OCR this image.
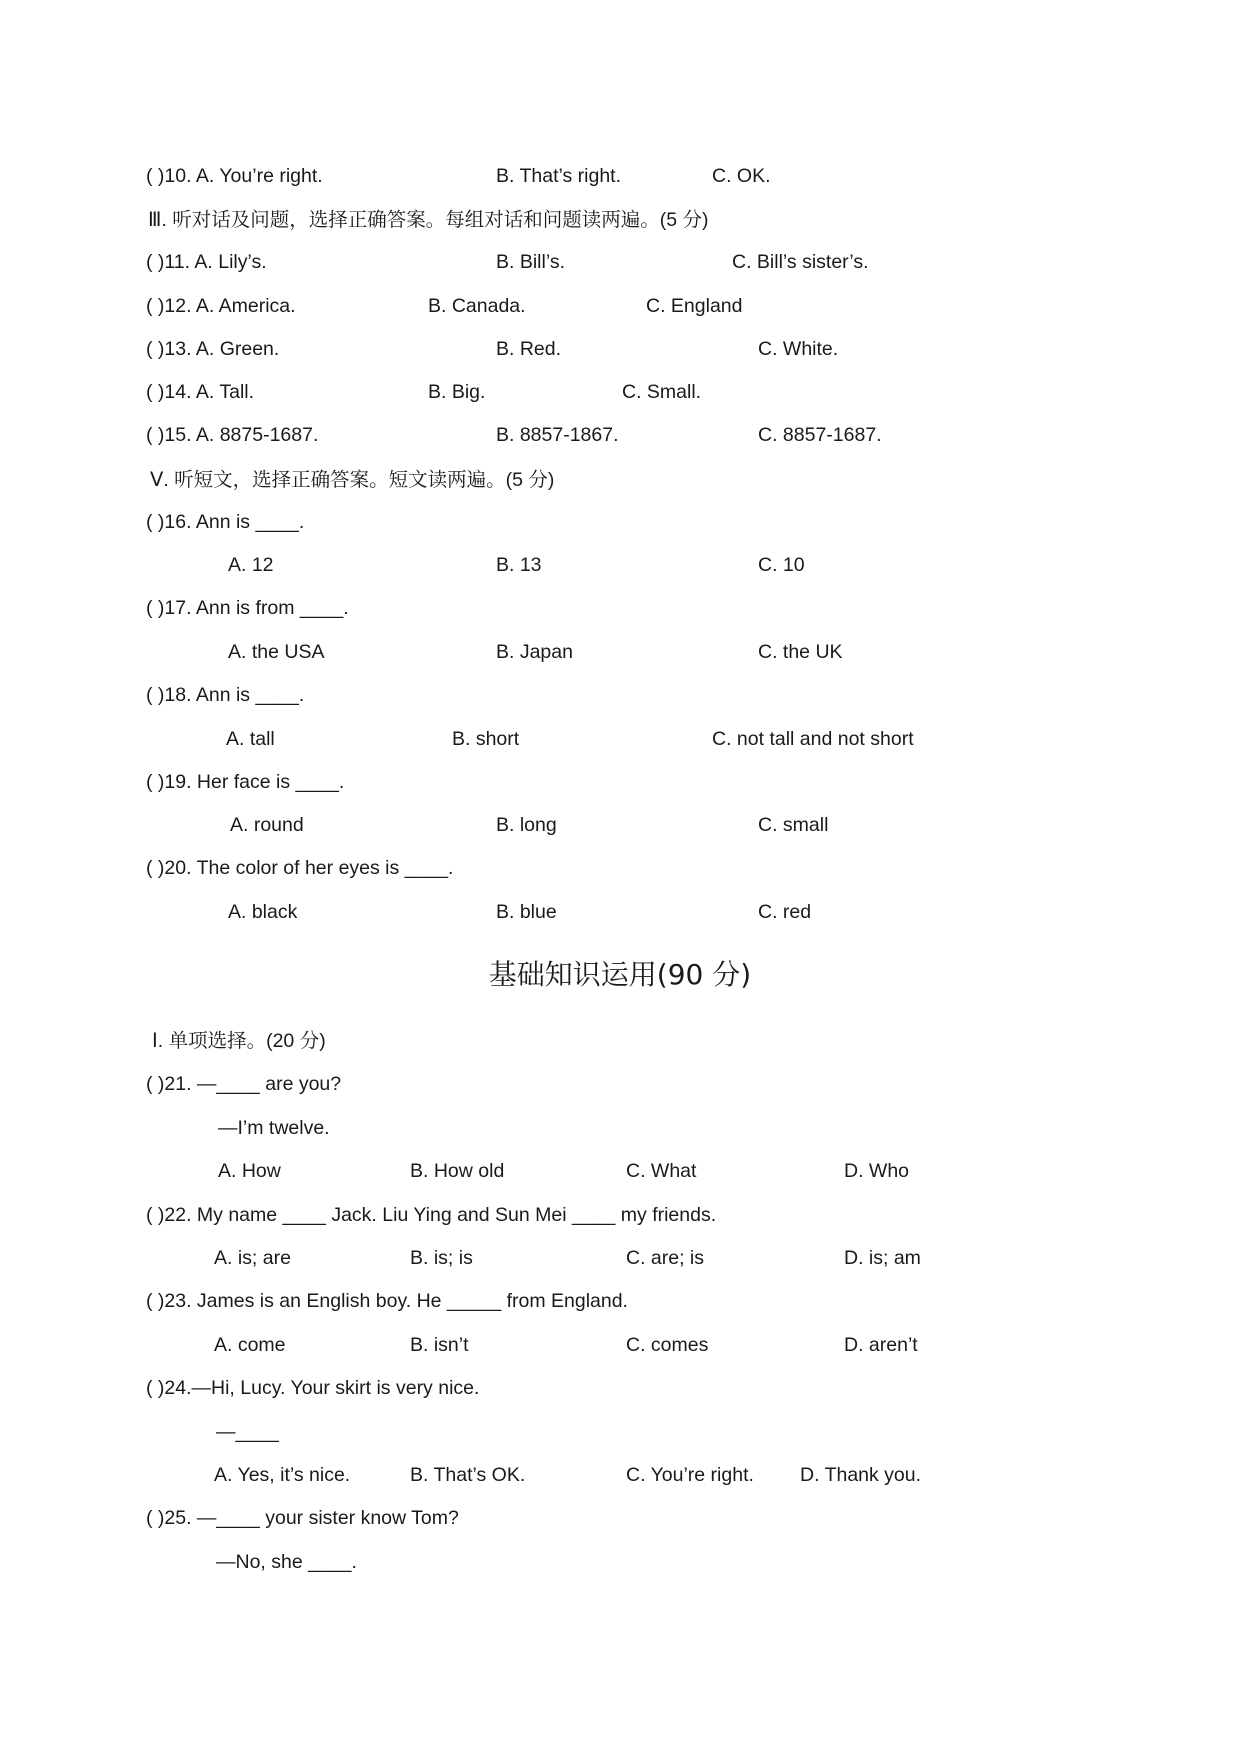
( )10. A. You’re right.	B. That’s right.	C. OK.
Ⅲ. 听对话及问题，选择正确答案。每组对话和问题读两遍。(5 分)
( )11. A. Lily’s.	B. Bill’s.	C. Bill’s sister’s.
( )12. A. America.	B. Canada.	C. England
( )13. A. Green.	B. Red.	C. White.
( )14. A. Tall.	B. Big.	C. Small.
( )15. A. 8875-1687.	B. 8857-1867.	C. 8857-1687.
Ⅴ. 听短文，选择正确答案。短文读两遍。(5 分)
( )16. Ann is ____.
A. 12	B. 13	C. 10
( )17. Ann is from ____.
A. the USA	B. Japan	C. the UK
( )18. Ann is ____.
A. tall	B. short	C. not tall and not short
( )19. Her face is ____.
A. round	B. long	C. small
( )20. The color of her eyes is ____.
A. black	B. blue	C. red
基础知识运用(90 分)
Ⅰ. 单项选择。(20 分)
( )21. —____ are you?
—I’m twelve.
A. How	B. How old	C. What	D. Who
( )22. My name ____ Jack. Liu Ying and Sun Mei ____ my friends.
A. is; are	B. is; is	C. are; is	D. is; am
( )23. James is an English boy. He _____ from England.
A. come	B. isn’t	C. comes	D. aren’t
( )24.—Hi, Lucy. Your skirt is very nice.
—____
A. Yes, it’s nice.	B. That’s OK.	C. You’re right. D. Thank you.
( )25. —____ your sister know Tom?
—No, she ____.
